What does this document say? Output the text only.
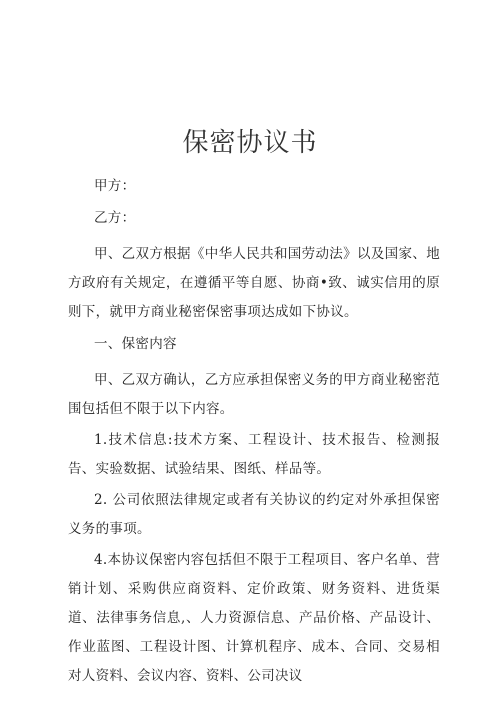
保密协议书

甲方：

乙方：

甲、乙双方根据《中华人民共和国劳动法》以及国家、地方政府有关规定，在遵循平等自愿、协商•致、诚实信用的原则下，就甲方商业秘密保密事项达成如下协议。

一、保密内容

甲、乙双方确认，乙方应承担保密义务的甲方商业秘密范围包括但不限于以下内容。

1.技术信息:技术方案、工程设计、技术报告、检测报告、实验数据、试验结果、图纸、样品等。

2. 公司依照法律规定或者有关协议的约定对外承担保密义务的事项。

4.本协议保密内容包括但不限于工程项目、客户名单、营销计划、采购供应商资料、定价政策、财务资料、进货渠道、法律事务信息,、人力资源信息、产品价格、产品设计、作业蓝图、工程设计图、计算机程序、成本、合同、交易相对人资料、会议内容、资料、公司决议
